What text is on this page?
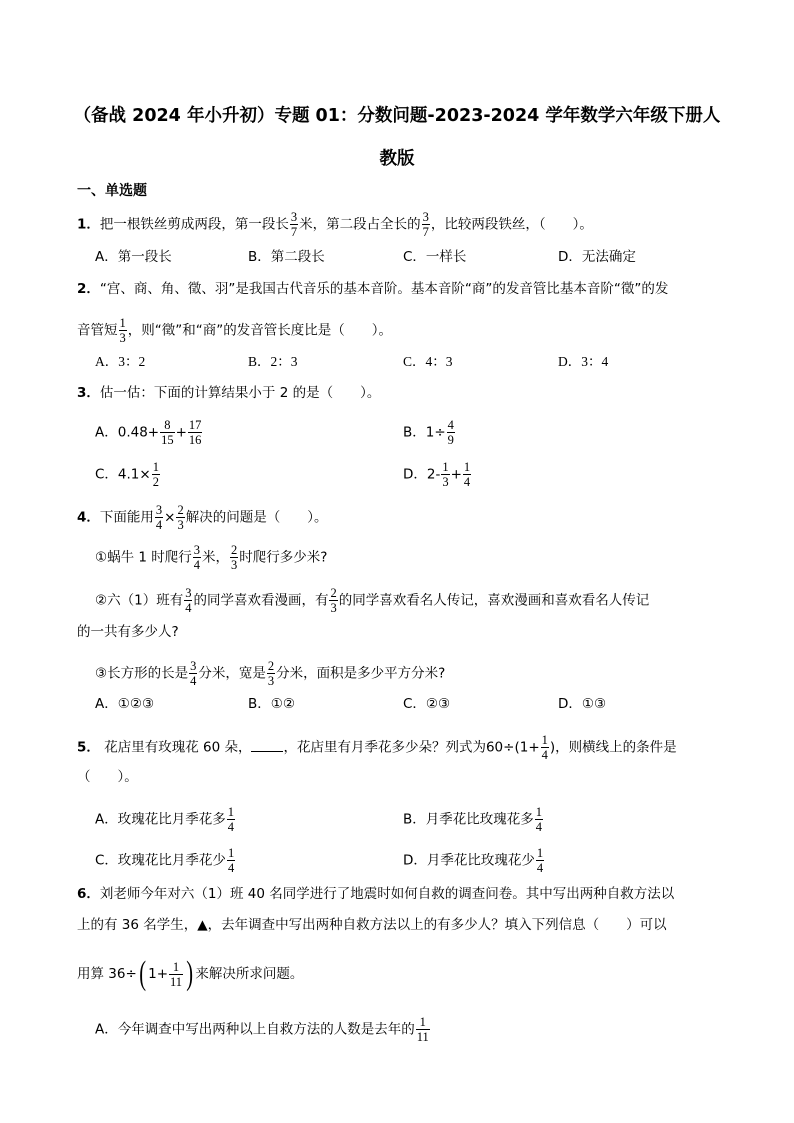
（备战 2024 年小升初）专题 01：分数问题-2023-2024 学年数学六年级下册人
教版
一、单选题
1．把一根铁丝剪成两段，第一段长 $\frac{3}{7}$ 米，第二段占全长的 $\frac{3}{7}$ ，比较两段铁丝，（　　）。
A．第一段长	B．第二段长	C．一样长	D．无法确定
2．“宫、商、角、徵、羽”是我国古代音乐的基本音阶。基本音阶“商”的发音管比基本音阶“徵”的发
音管短 $\frac{1}{3}$ ，则“徵”和“商”的发音管长度比是（　　）。
A．3：2	B．2：3	C．4：3	D．3：4
3．估一估：下面的计算结果小于 2 的是（　　）。
A．$0.48+ \frac{8}{15} + \frac{17}{16}$	B．$1\div \frac{4}{9}$
C．$4.1\times \frac{1}{2}$	D．$2- \frac{1}{3} + \frac{1}{4}$
4．下面能用 $\frac{3}{4} \times \frac{2}{3}$ 解决的问题是（　　）。
①蜗牛 1 时爬行 $\frac{3}{4}$ 米， $\frac{2}{3}$ 时爬行多少米?
②六（1）班有 $\frac{3}{4}$ 的同学喜欢看漫画，有 $\frac{2}{3}$ 的同学喜欢看名人传记，喜欢漫画和喜欢看名人传记
的一共有多少人?
③长方形的长是 $\frac{3}{4}$ 分米，宽是 $\frac{2}{3}$ 分米，面积是多少平方分米?
A．①②③	B．①②	C．②③	D．①③
5． 花店里有玫瑰花 60 朵， ，花店里有月季花多少朵？列式为$60\div(1+ \frac{1}{4}$ )，则横线上的条件是
（　　）。
A．玫瑰花比月季花多 $\frac{1}{4}$	B．月季花比玫瑰花多 $\frac{1}{4}$
C．玫瑰花比月季花少 $\frac{1}{4}$	D．月季花比玫瑰花少 $\frac{1}{4}$
6．刘老师今年对六（1）班 40 名同学进行了地震时如何自救的调查问卷。其中写出两种自救方法以
上的有 36 名学生，▲，去年调查中写出两种自救方法以上的有多少人？填入下列信息（　　）可以
用算 36÷( $1+ \frac{1}{11}$ ) 来解决所求问题。
A．今年调查中写出两种以上自救方法的人数是去年的 $\frac{1}{11}$
